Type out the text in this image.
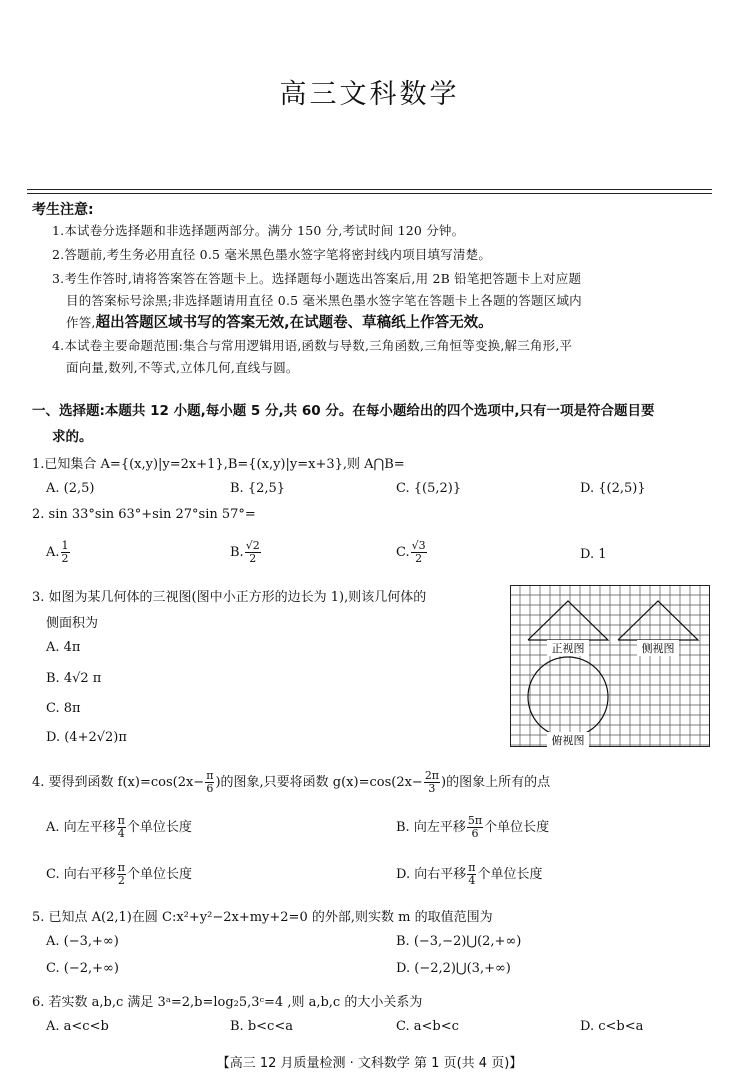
高三文科数学
考生注意:
1.本试卷分选择题和非选择题两部分。满分 150 分,考试时间 120 分钟。
2.答题前,考生务必用直径 0.5 毫米黑色墨水签字笔将密封线内项目填写清楚。
3.考生作答时,请将答案答在答题卡上。选择题每小题选出答案后,用 2B 铅笔把答题卡上对应题
目的答案标号涂黑;非选择题请用直径 0.5 毫米黑色墨水签字笔在答题卡上各题的答题区域内
作答,超出答题区域书写的答案无效,在试题卷、草稿纸上作答无效。
4.本试卷主要命题范围:集合与常用逻辑用语,函数与导数,三角函数,三角恒等变换,解三角形,平
面向量,数列,不等式,立体几何,直线与圆。
一、选择题:本题共 12 小题,每小题 5 分,共 60 分。在每小题给出的四个选项中,只有一项是符合题目要
求的。
1.已知集合 A={(x,y)|y=2x+1},B={(x,y)|y=x+3},则 A⋂B=
A. (2,5)	B. {2,5}	C. {(5,2)}	D. {(2,5)}
2. sin 33°sin 63°+sin 27°sin 57°=
A. $\frac{1}{2}$	B. $\frac{√2}{2}$	C. $\frac{√3}{2}$	D. 1
3. 如图为某几何体的三视图(图中小正方形的边长为 1),则该几何体的
侧面积为
A. 4π
B. 4√2 π
C. 8π
D. (4+2√2)π
正视图	侧视图
俯视图
4. 要得到函数 $f(x)=\cos(2x- \frac{\pi}{6}$ )的图象,只要将函数 $g(x)=\cos(2x- \frac{2\pi}{3}$ )的图象上所有的点
A. 向左平移 $\frac{\pi}{4}$ 个单位长度	B. 向左平移 $\frac{5\pi}{6}$ 个单位长度
C. 向右平移 $\frac{\pi}{2}$ 个单位长度	D. 向右平移 $\frac{\pi}{4}$ 个单位长度
5. 已知点 A(2,1)在圆 C:x²+y²−2x+my+2=0 的外部,则实数 m 的取值范围为
A. (−3,+∞)	B. (−3,−2)⋃(2,+∞)
C. (−2,+∞)	D. (−2,2)⋃(3,+∞)
6. 若实数 a,b,c 满足 3ᵃ=2,b=log₂5,3ᶜ=4 ,则 a,b,c 的大小关系为
A. a<c<b	B. b<c<a	C. a<b<c	D. c<b<a
【高三 12 月质量检测 · 文科数学 第 1 页(共 4 页)】
